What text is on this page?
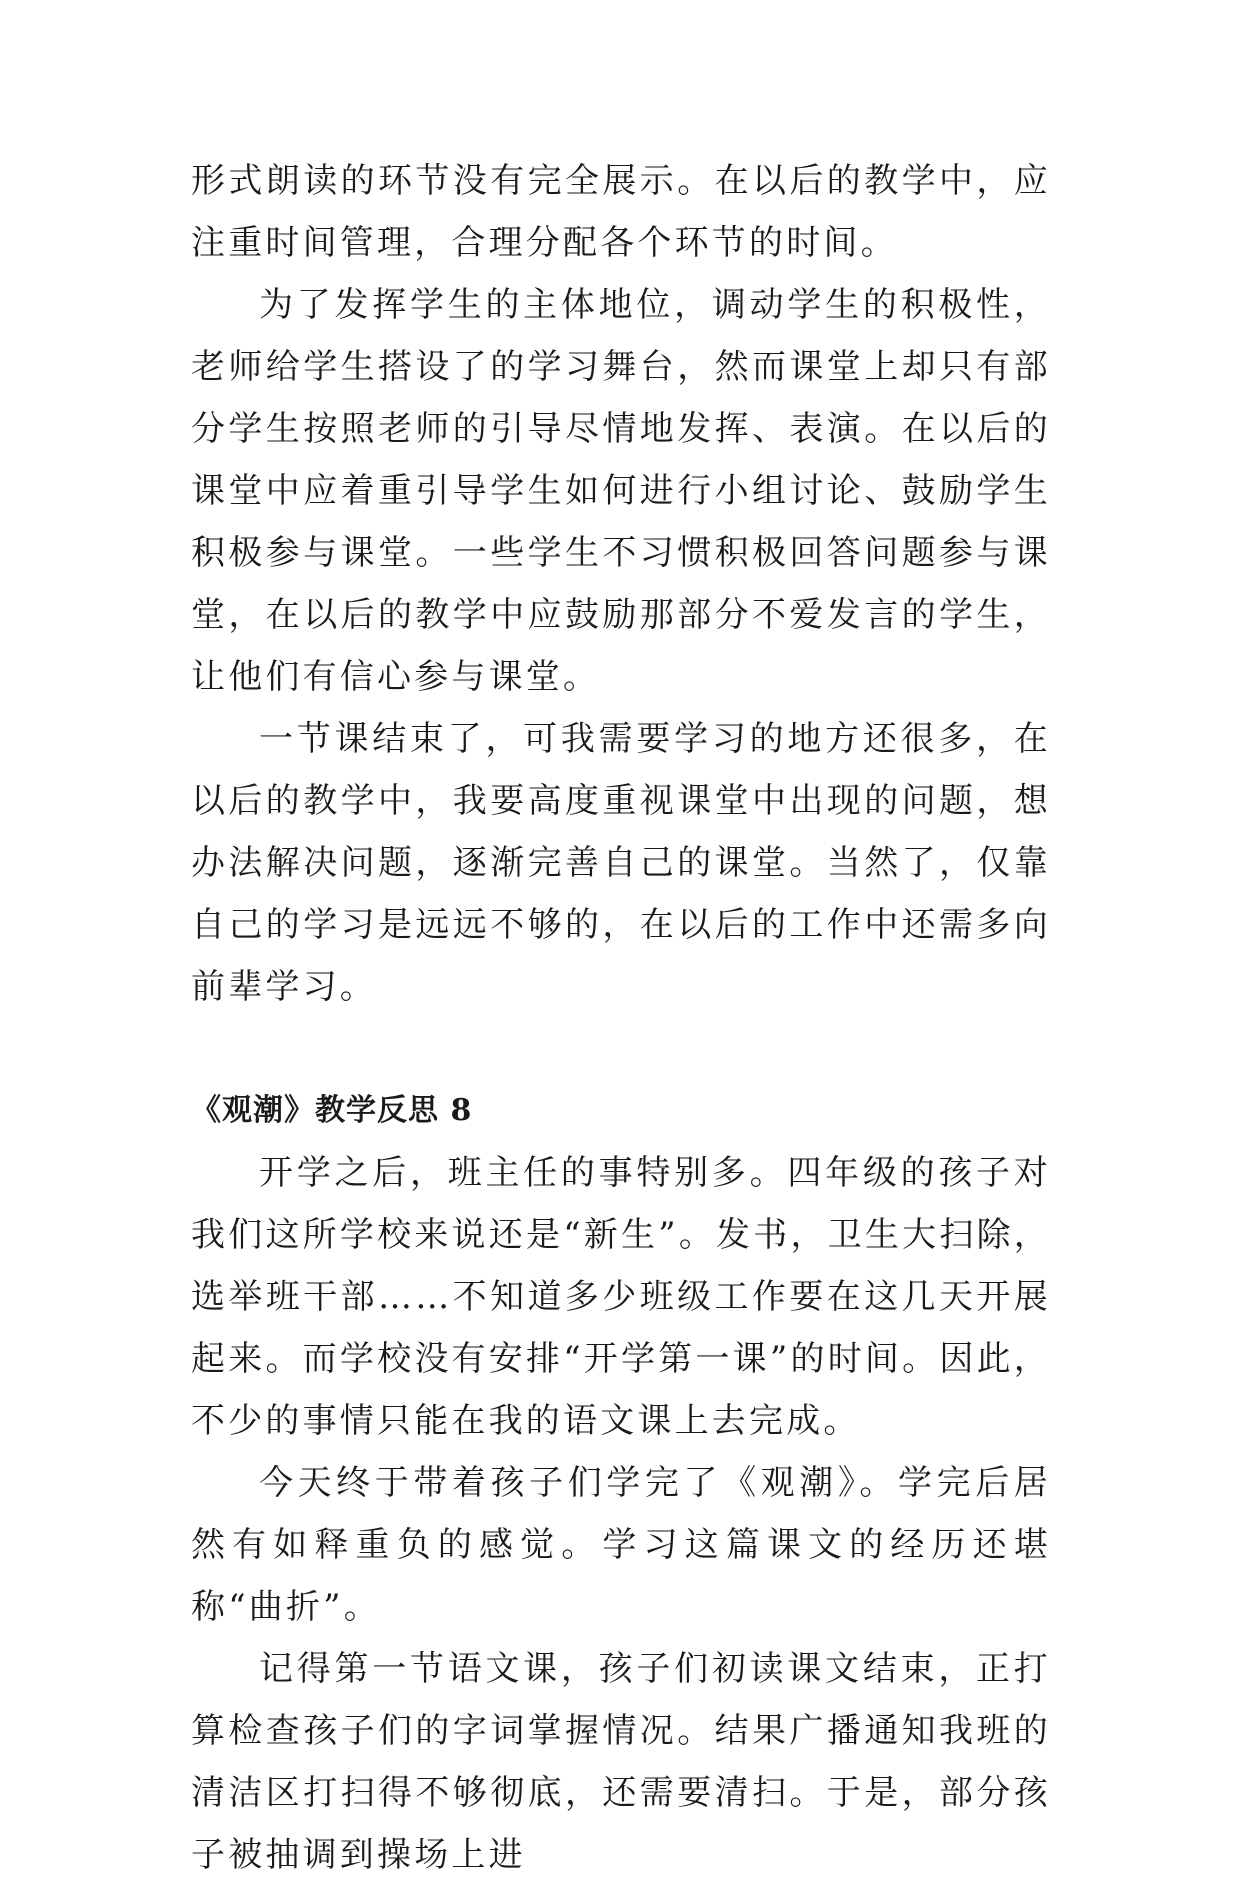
形式朗读的环节没有完全展示。在以后的教学中，应注重时间管理，合理分配各个环节的时间。

为了发挥学生的主体地位，调动学生的积极性，老师给学生搭设了的学习舞台，然而课堂上却只有部分学生按照老师的引导尽情地发挥、表演。在以后的课堂中应着重引导学生如何进行小组讨论、鼓励学生积极参与课堂。一些学生不习惯积极回答问题参与课堂，在以后的教学中应鼓励那部分不爱发言的学生，让他们有信心参与课堂。

一节课结束了，可我需要学习的地方还很多，在以后的教学中，我要高度重视课堂中出现的问题，想办法解决问题，逐渐完善自己的课堂。当然了，仅靠自己的学习是远远不够的，在以后的工作中还需多向前辈学习。

《观潮》教学反思 8

开学之后，班主任的事特别多。四年级的孩子对我们这所学校来说还是“新生”。发书，卫生大扫除，选举班干部……不知道多少班级工作要在这几天开展起来。而学校没有安排“开学第一课”的时间。因此，不少的事情只能在我的语文课上去完成。

今天终于带着孩子们学完了《观潮》。学完后居然有如释重负的感觉。学习这篇课文的经历还堪称“曲折”。

记得第一节语文课，孩子们初读课文结束，正打算检查孩子们的字词掌握情况。结果广播通知我班的清洁区打扫得不够彻底，还需要清扫。于是，部分孩子被抽调到操场上进
